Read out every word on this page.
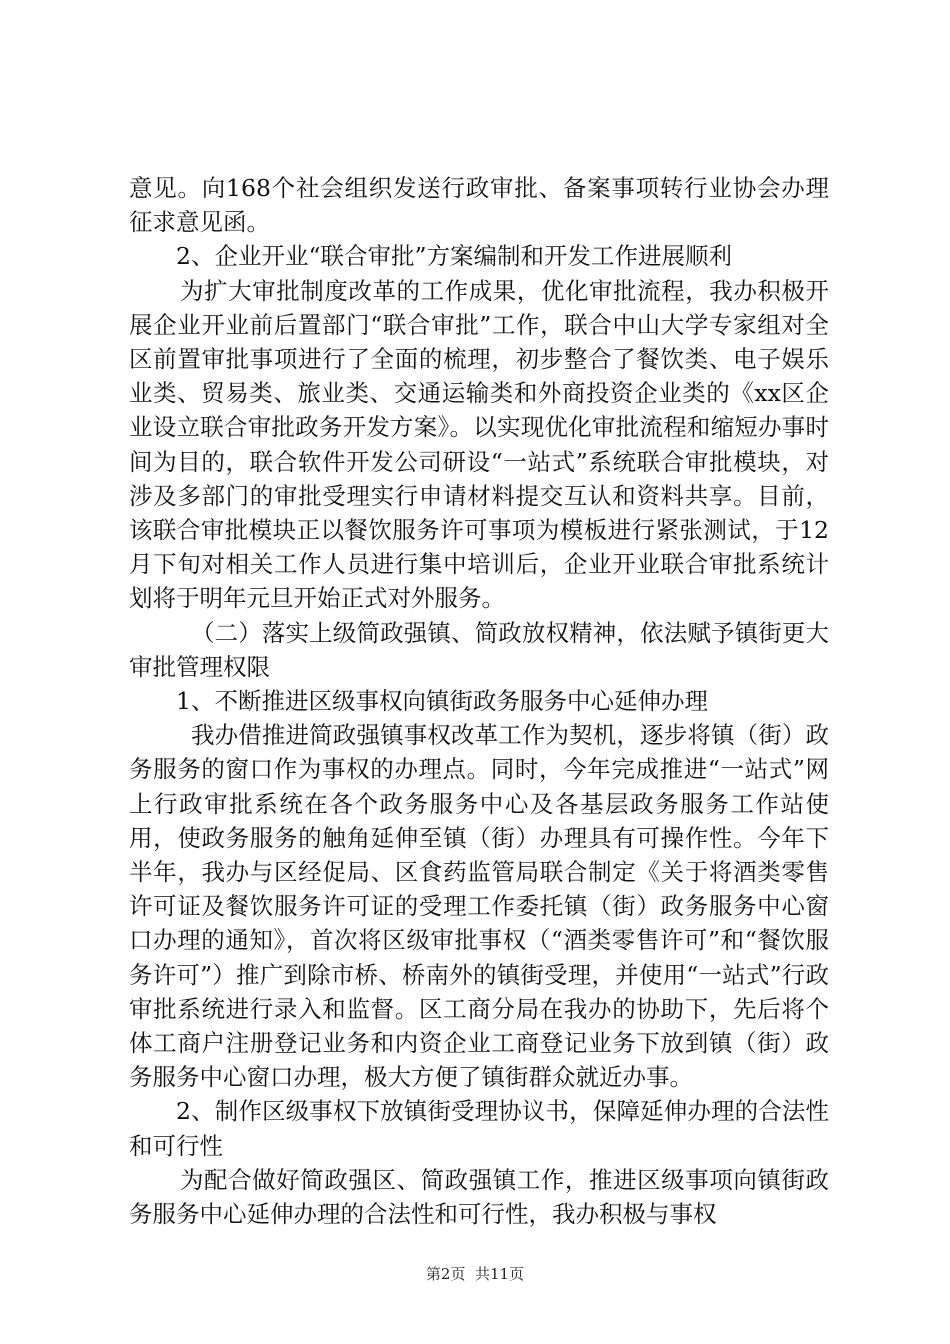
意见。向168个社会组织发送行政审批、备案事项转行业协会办理征求意见函。

2、企业开业“联合审批”方案编制和开发工作进展顺利

为扩大审批制度改革的工作成果，优化审批流程，我办积极开展企业开业前后置部门“联合审批”工作，联合中山大学专家组对全区前置审批事项进行了全面的梳理，初步整合了餐饮类、电子娱乐业类、贸易类、旅业类、交通运输类和外商投资企业类的《xx区企业设立联合审批政务开发方案》。以实现优化审批流程和缩短办事时间为目的，联合软件开发公司研设“一站式”系统联合审批模块，对涉及多部门的审批受理实行申请材料提交互认和资料共享。目前，该联合审批模块正以餐饮服务许可事项为模板进行紧张测试，于12月下旬对相关工作人员进行集中培训后，企业开业联合审批系统计划将于明年元旦开始正式对外服务。

（二）落实上级简政强镇、简政放权精神，依法赋予镇街更大审批管理权限

1、不断推进区级事权向镇街政务服务中心延伸办理

我办借推进简政强镇事权改革工作为契机，逐步将镇（街）政务服务的窗口作为事权的办理点。同时，今年完成推进“一站式”网上行政审批系统在各个政务服务中心及各基层政务服务工作站使用，使政务服务的触角延伸至镇（街）办理具有可操作性。今年下半年，我办与区经促局、区食药监管局联合制定《关于将酒类零售许可证及餐饮服务许可证的受理工作委托镇（街）政务服务中心窗口办理的通知》，首次将区级审批事权（“酒类零售许可”和“餐饮服务许可”）推广到除市桥、桥南外的镇街受理，并使用“一站式”行政审批系统进行录入和监督。区工商分局在我办的协助下，先后将个体工商户注册登记业务和内资企业工商登记业务下放到镇（街）政务服务中心窗口办理，极大方便了镇街群众就近办事。

2、制作区级事权下放镇街受理协议书，保障延伸办理的合法性和可行性

为配合做好简政强区、简政强镇工作，推进区级事项向镇街政务服务中心延伸办理的合法性和可行性，我办积极与事权

第2页  共11页
